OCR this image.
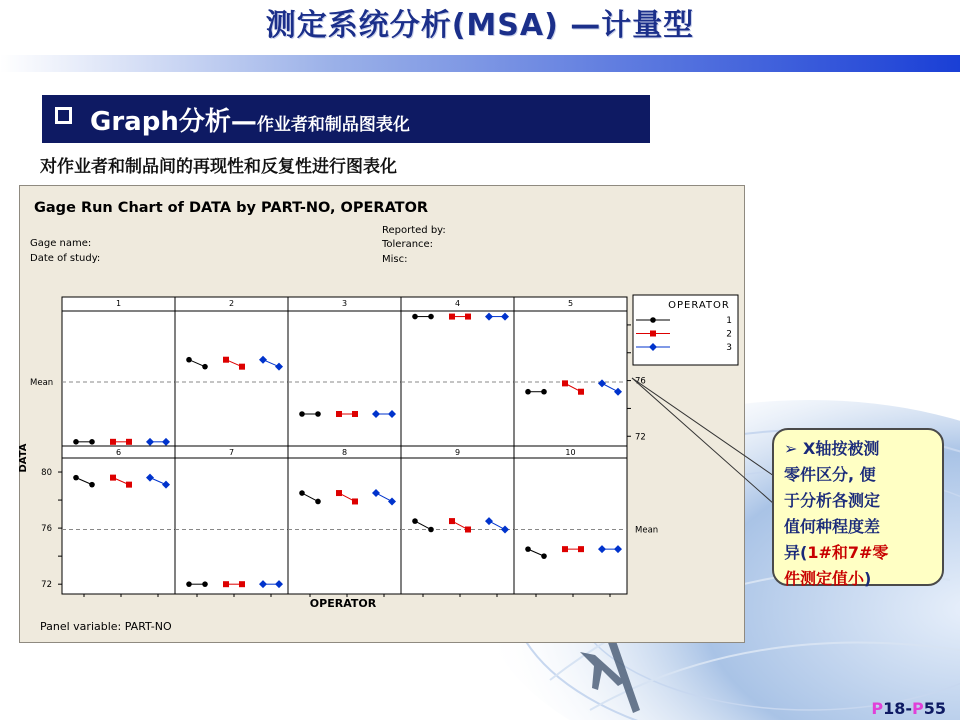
测定系统分析(MSA) —计量型
Graph分析—作业者和制品图表化
对作业者和制品间的再现性和反复性进行图表化
Gage Run Chart of DATA by PART-NO, OPERATOR
Gage name:
Date of study:
Reported by:
Tolerance:
Misc:
1	2	3	4	5
6	7	8	9	10
72
76
72
76
80
Mean
Mean
DATA
OPERATOR
Panel variable: PART-NO
OPERATOR
1
2
3
➢ X轴按被测
零件区分, 便
于分析各测定
值何种程度差
异(1#和7#零
件测定值小)
P18-P55
